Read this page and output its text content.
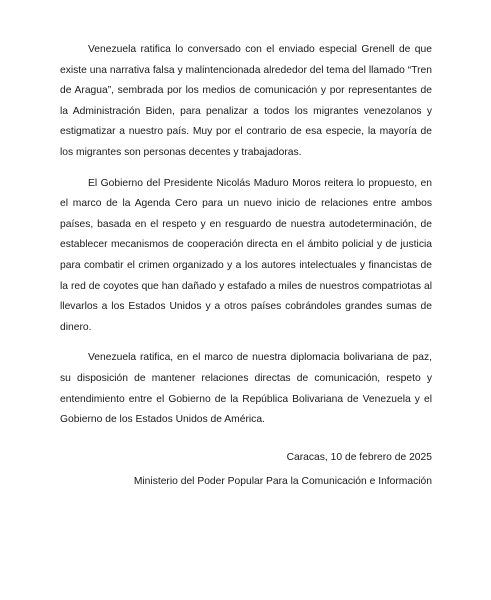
Venezuela ratifica lo conversado con el enviado especial Grenell de que existe una narrativa falsa y malintencionada alrededor del tema del llamado “Tren de Aragua”, sembrada por los medios de comunicación y por representantes de la Administración Biden, para penalizar a todos los migrantes venezolanos y estigmatizar a nuestro país. Muy por el contrario de esa especie, la mayoría de los migrantes son personas decentes y trabajadoras.

El Gobierno del Presidente Nicolás Maduro Moros reitera lo propuesto, en el marco de la Agenda Cero para un nuevo inicio de relaciones entre ambos países, basada en el respeto y en resguardo de nuestra autodeterminación, de establecer mecanismos de cooperación directa en el ámbito policial y de justicia para combatir el crimen organizado y a los autores intelectuales y financistas de la red de coyotes que han dañado y estafado a miles de nuestros compatriotas al llevarlos a los Estados Unidos y a otros países cobrándoles grandes sumas de dinero.

Venezuela ratifica, en el marco de nuestra diplomacia bolivariana de paz, su disposición de mantener relaciones directas de comunicación, respeto y entendimiento entre el Gobierno de la República Bolivariana de Venezuela y el Gobierno de los Estados Unidos de América.

Caracas, 10 de febrero de 2025
Ministerio del Poder Popular Para la Comunicación e Información
